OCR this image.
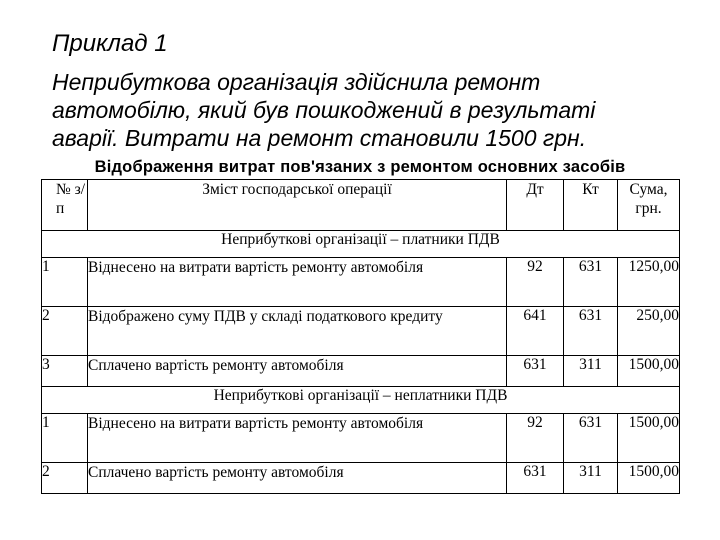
Приклад 1

Неприбуткова організація здійснила ремонт
автомобілю, який був пошкоджений в результаті
аварії. Витрати на ремонт становили 1500 грн.

Відображення витрат пов'язаних з ремонтом основних засобів
№ з/п	Зміст господарської операції	Дт	Кт	Сума, грн.
Неприбуткові організації – платники ПДВ				
1	Віднесено на витрати вартість ремонту автомобіля	92	631	1250,00
2	Відображено суму ПДВ у складі податкового кредиту	641	631	250,00
3	Сплачено вартість ремонту автомобіля	631	311	1500,00
Неприбуткові організації – неплатники ПДВ				
1	Віднесено на витрати вартість ремонту автомобіля	92	631	1500,00
2	Сплачено вартість ремонту автомобіля	631	311	1500,00
